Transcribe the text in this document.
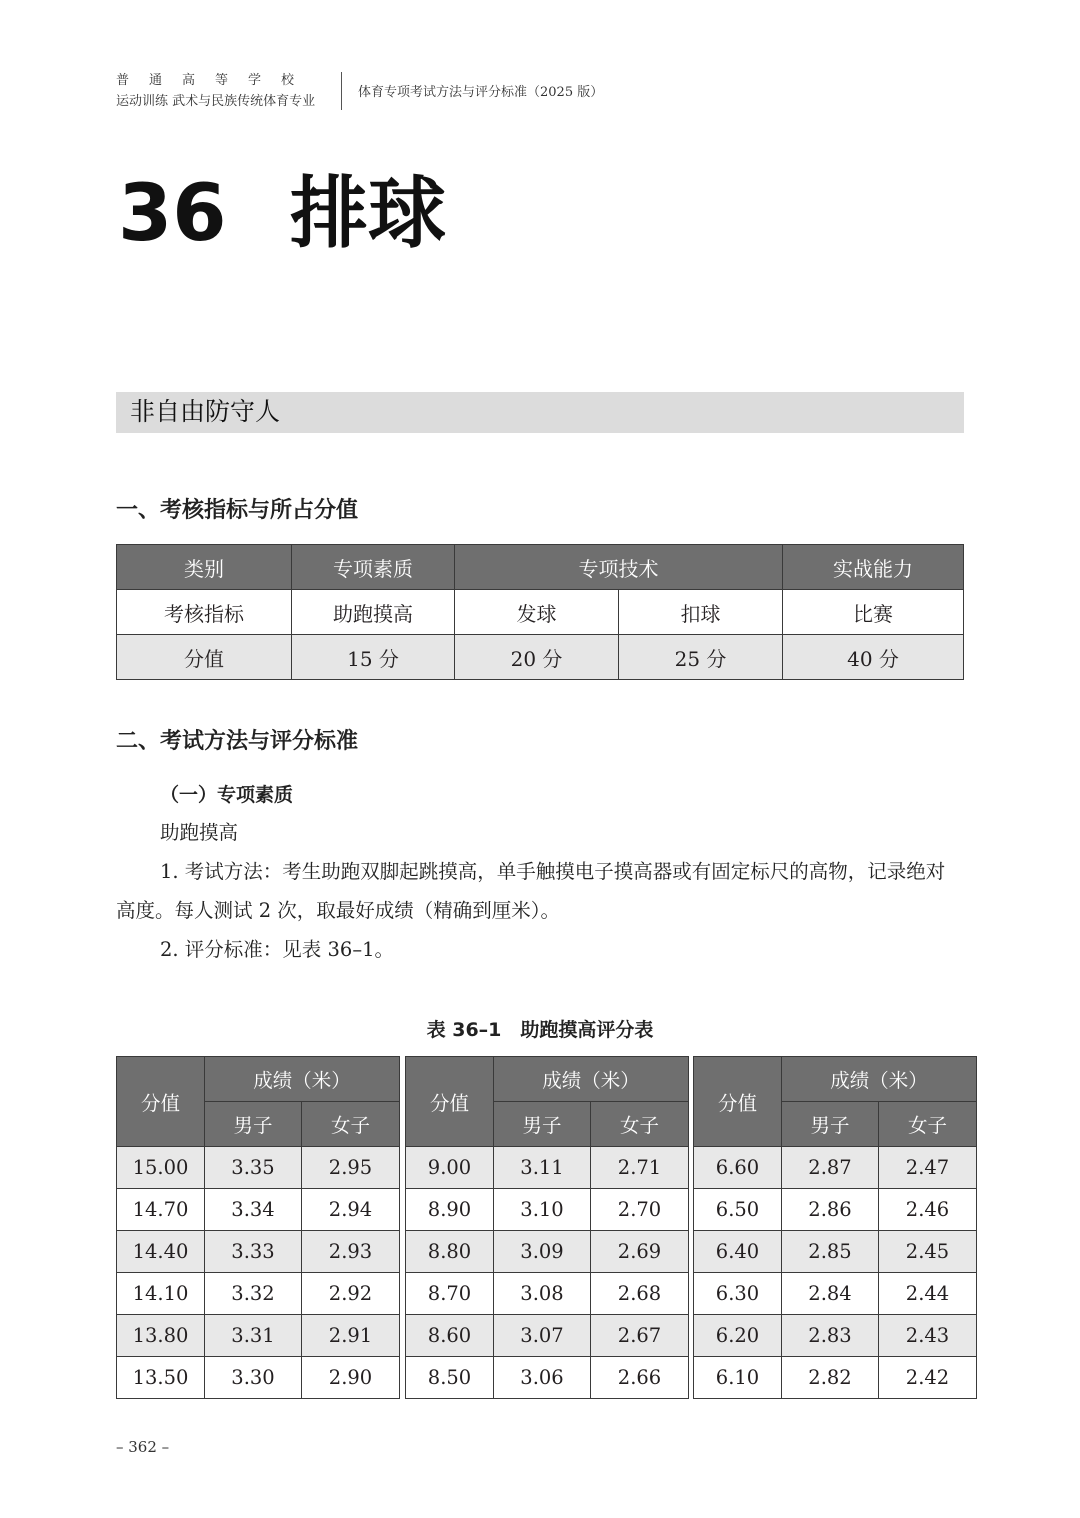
普通高等学校
运动训练 武术与民族传统体育专业
体育专项考试方法与评分标准（2025 版）
36 排球
非自由防守人
一、考核指标与所占分值
类别	专项素质	专项技术		实战能力
考核指标	助跑摸高	发球	扣球	比赛
分值	15 分	20 分	25 分	40 分
二、考试方法与评分标准
（一）专项素质
助跑摸高
1. 考试方法：考生助跑双脚起跳摸高，单手触摸电子摸高器或有固定标尺的高物，记录绝对高度。每人测试 2 次，取最好成绩（精确到厘米）。
2. 评分标准：见表 36–1。
表 36–1　助跑摸高评分表
分值	成绩（米）	
	男子	女子
15.00	3.35	2.95
14.70	3.34	2.94
14.40	3.33	2.93
14.10	3.32	2.92
13.80	3.31	2.91
13.50	3.30	2.90
分值	成绩（米）	
	男子	女子
9.00	3.11	2.71
8.90	3.10	2.70
8.80	3.09	2.69
8.70	3.08	2.68
8.60	3.07	2.67
8.50	3.06	2.66
分值	成绩（米）	
	男子	女子
6.60	2.87	2.47
6.50	2.86	2.46
6.40	2.85	2.45
6.30	2.84	2.44
6.20	2.83	2.43
6.10	2.82	2.42
– 362 –
